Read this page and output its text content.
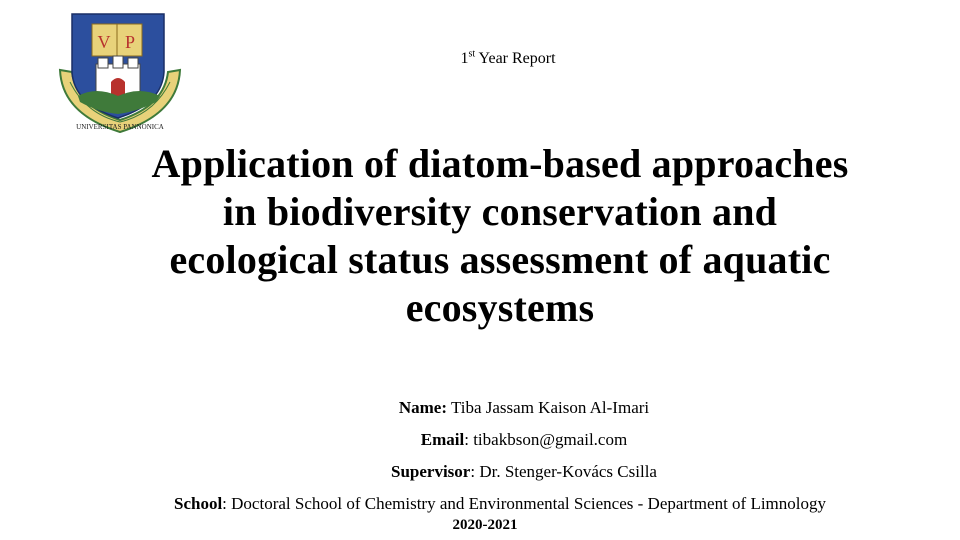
V P
UNIVERSITAS PANNONICA
1st Year Report
Application of diatom-based approaches
in biodiversity conservation and
ecological status assessment of aquatic
ecosystems
Name: Tiba Jassam Kaison Al-Imari
Email: tibakbson@gmail.com
Supervisor: Dr. Stenger-Kovács Csilla
School: Doctoral School of Chemistry and Environmental Sciences - Department of Limnology
2020-2021
